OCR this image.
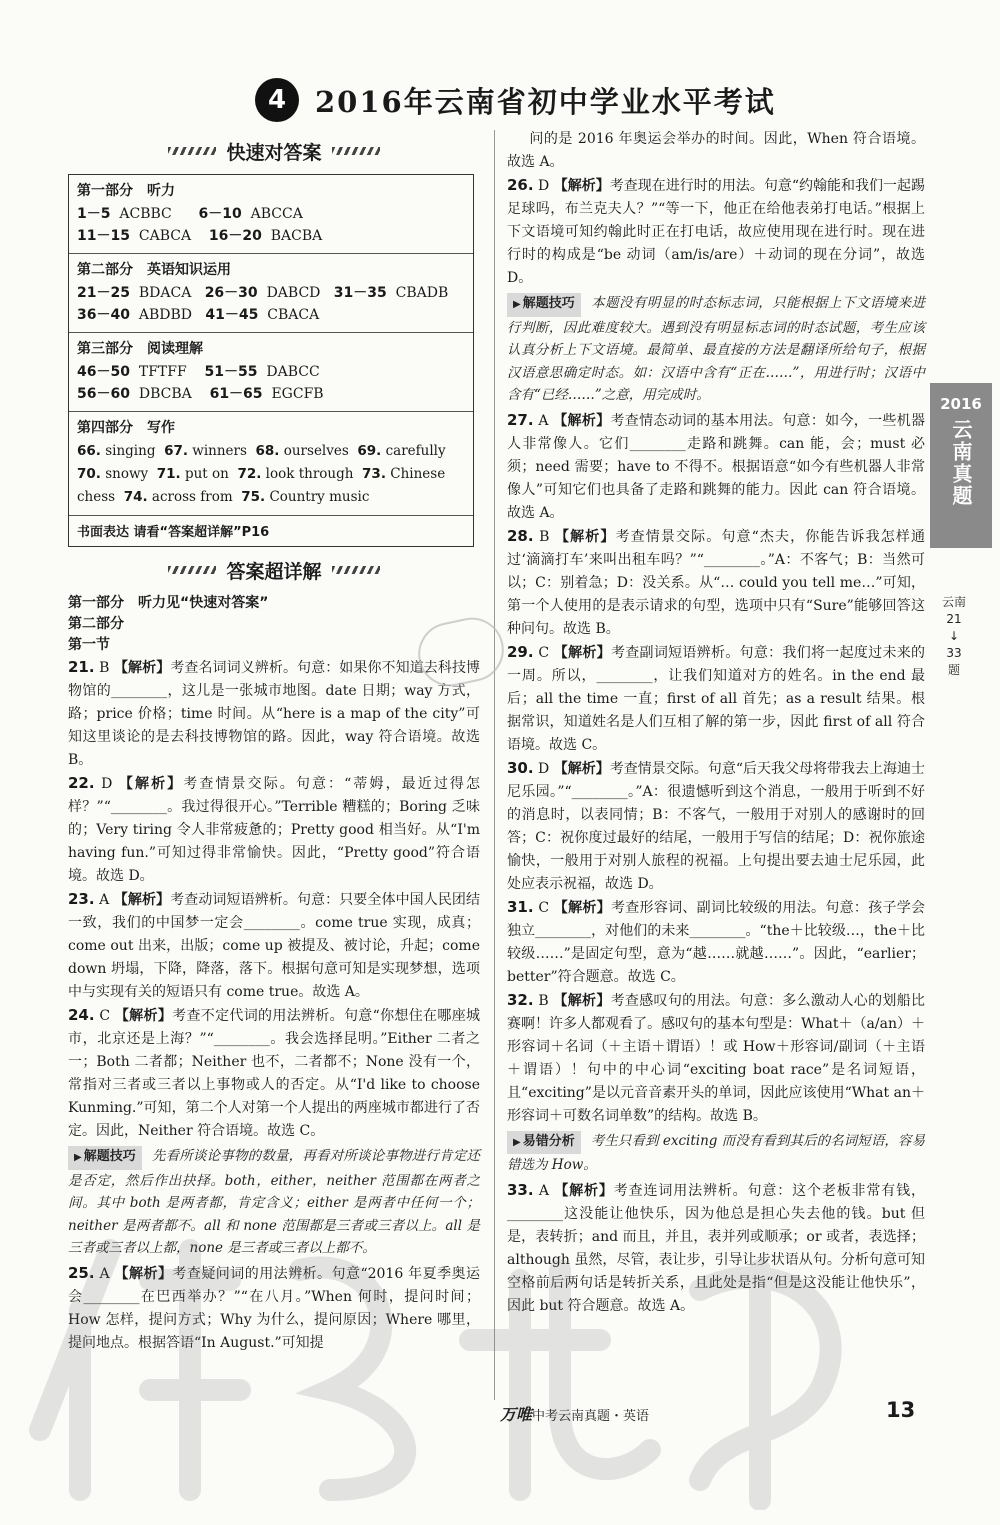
4 2016年云南省初中学业水平考试
快速对答案
第一部分　听力
1－5 ACBBC 6－10 ABCCA
11－15 CABCA 16－20 BACBA
第二部分　英语知识运用
21－25 BDACA 26－30 DABCD 31－35 CBADB
36－40 ABDBD 41－45 CBACA
第三部分　阅读理解
46－50 TFTFF 51－55 DABCC
56－60 DBCBA 61－65 EGCFB
第四部分　写作
66. singing 67. winners 68. ourselves 69. carefully
70. snowy 71. put on 72. look through 73. Chinese
chess 74. across from 75. Country music
书面表达 请看“答案超详解”P16
答案超详解
第一部分　听力见“快速对答案”
第二部分
第一节

21. B 【解析】考查名词词义辨析。句意：如果你不知道去科技博物馆的________，这儿是一张城市地图。date 日期；way 方式，路；price 价格；time 时间。从“here is a map of the city”可知这里谈论的是去科技博物馆的路。因此，way 符合语境。故选 B。

22. D 【解析】考查情景交际。句意：“蒂姆，最近过得怎样？”“________。我过得很开心。”Terrible 糟糕的；Boring 乏味的；Very tiring 令人非常疲惫的；Pretty good 相当好。从“I'm having fun.”可知过得非常愉快。因此，“Pretty good”符合语境。故选 D。

23. A 【解析】考查动词短语辨析。句意：只要全体中国人民团结一致，我们的中国梦一定会________。come true 实现，成真；come out 出来，出版；come up 被提及、被讨论，升起；come down 坍塌，下降，降落，落下。根据句意可知是实现梦想，选项中与实现有关的短语只有 come true。故选 A。

24. C 【解析】考查不定代词的用法辨析。句意“你想住在哪座城市，北京还是上海？”“________。我会选择昆明。”Either 二者之一；Both 二者都；Neither 也不，二者都不；None 没有一个，常指对三者或三者以上事物或人的否定。从“I'd like to choose Kunming.”可知，第二个人对第一个人提出的两座城市都进行了否定。因此，Neither 符合语境。故选 C。

▶ 解题技巧 先看所谈论事物的数量，再看对所谈论事物进行肯定还是否定，然后作出抉择。both，either，neither 范围都在两者之间。其中 both 是两者都，肯定含义；either 是两者中任何一个；neither 是两者都不。all 和 none 范围都是三者或三者以上。all 是三者或三者以上都，none 是三者或三者以上都不。

25. A 【解析】考查疑问词的用法辨析。句意“2016 年夏季奥运会________在巴西举办？”“在八月。”When 何时，提问时间；How 怎样，提问方式；Why 为什么，提问原因；Where 哪里，提问地点。根据答语“In August.”可知提

问的是 2016 年奥运会举办的时间。因此，When 符合语境。故选 A。

26. D 【解析】考查现在进行时的用法。句意“约翰能和我们一起踢足球吗，布兰克夫人？”“等一下，他正在给他表弟打电话。”根据上下文语境可知约翰此时正在打电话，故应使用现在进行时。现在进行时的构成是“be 动词（am/is/are）＋动词的现在分词”，故选 D。

▶ 解题技巧 本题没有明显的时态标志词，只能根据上下文语境来进行判断，因此难度较大。遇到没有明显标志词的时态试题，考生应该认真分析上下文语境。最简单、最直接的方法是翻译所给句子，根据汉语意思确定时态。如：汉语中含有“正在……”，用进行时；汉语中含有“已经……”之意，用完成时。

27. A 【解析】考查情态动词的基本用法。句意：如今，一些机器人非常像人。它们________走路和跳舞。can 能，会；must 必须；need 需要；have to 不得不。根据语意“如今有些机器人非常像人”可知它们也具备了走路和跳舞的能力。因此 can 符合语境。故选 A。

28. B 【解析】考查情景交际。句意“杰夫，你能告诉我怎样通过‘滴滴打车’来叫出租车吗？”“________。”A：不客气；B：当然可以；C：别着急；D：没关系。从“… could you tell me…”可知，第一个人使用的是表示请求的句型，选项中只有“Sure”能够回答这种问句。故选 B。

29. C 【解析】考查副词短语辨析。句意：我们将一起度过未来的一周。所以，________，让我们知道对方的姓名。in the end 最后；all the time 一直；first of all 首先；as a result 结果。根据常识，知道姓名是人们互相了解的第一步，因此 first of all 符合语境。故选 C。

30. D 【解析】考查情景交际。句意“后天我父母将带我去上海迪士尼乐园。”“________。”A：很遗憾听到这个消息，一般用于听到不好的消息时，以表同情；B：不客气，一般用于对别人的感谢时的回答；C：祝你度过最好的结尾，一般用于写信的结尾；D：祝你旅途愉快，一般用于对别人旅程的祝福。上句提出要去迪士尼乐园，此处应表示祝福，故选 D。

31. C 【解析】考查形容词、副词比较级的用法。句意：孩子学会独立________，对他们的未来________。“the＋比较级…，the＋比较级……”是固定句型，意为“越……就越……”。因此，“earlier；better”符合题意。故选 C。

32. B 【解析】考查感叹句的用法。句意：多么激动人心的划船比赛啊！许多人都观看了。感叹句的基本句型是：What＋（a/an）＋形容词＋名词（＋主语＋谓语）！或 How＋形容词/副词（＋主语＋谓语）！句中的中心词“exciting boat race”是名词短语，且“exciting”是以元音音素开头的单词，因此应该使用“What an＋形容词＋可数名词单数”的结构。故选 B。

▶ 易错分析 考生只看到 exciting 而没有看到其后的名词短语，容易错选为 How。

33. A 【解析】考查连词用法辨析。句意：这个老板非常有钱，________这没能让他快乐，因为他总是担心失去他的钱。but 但是，表转折；and 而且，并且，表并列或顺承；or 或者，表选择；although 虽然，尽管，表让步，引导让步状语从句。分析句意可知空格前后两句话是转折关系，且此处是指“但是这没能让他快乐”，因此 but 符合题意。故选 A。

2016
云南真题
云南
21
↓
33
题
万唯中考云南真题・英语	13
